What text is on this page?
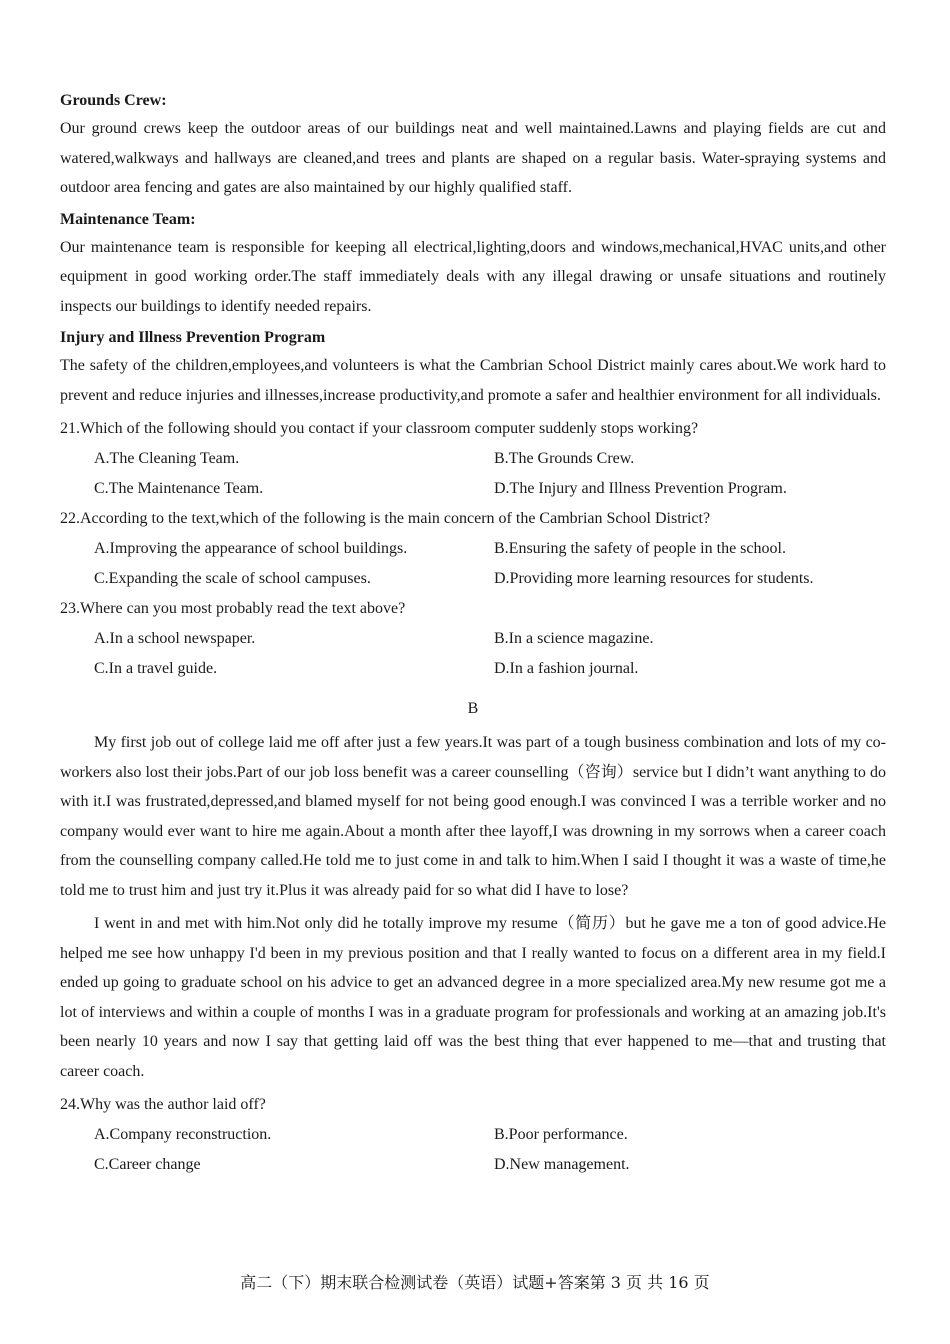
Grounds Crew:

Our ground crews keep the outdoor areas of our buildings neat and well maintained.Lawns and playing fields are cut and watered,walkways and hallways are cleaned,and trees and plants are shaped on a regular basis. Water-spraying systems and outdoor area fencing and gates are also maintained by our highly qualified staff.

Maintenance Team:

Our maintenance team is responsible for keeping all electrical,lighting,doors and windows,mechanical,HVAC units,and other equipment in good working order.The staff immediately deals with any illegal drawing or unsafe situations and routinely inspects our buildings to identify needed repairs.

Injury and Illness Prevention Program

The safety of the children,employees,and volunteers is what the Cambrian School District mainly cares about.We work hard to prevent and reduce injuries and illnesses,increase productivity,and promote a safer and healthier environment for all individuals.

21.Which of the following should you contact if your classroom computer suddenly stops working?

A.The Cleaning Team.	B.The Grounds Crew.
C.The Maintenance Team.	D.The Injury and Illness Prevention Program.

22.According to the text,which of the following is the main concern of the Cambrian School District?

A.Improving the appearance of school buildings.	B.Ensuring the safety of people in the school.
C.Expanding the scale of school campuses.	D.Providing more learning resources for students.

23.Where can you most probably read the text above?

A.In a school newspaper.	B.In a science magazine.
C.In a travel guide.	D.In a fashion journal.

B

My first job out of college laid me off after just a few years.It was part of a tough business combination and lots of my co-workers also lost their jobs.Part of our job loss benefit was a career counselling（咨询）service but I didn’t want anything to do with it.I was frustrated,depressed,and blamed myself for not being good enough.I was convinced I was a terrible worker and no company would ever want to hire me again.About a month after thee layoff,I was drowning in my sorrows when a career coach from the counselling company called.He told me to just come in and talk to him.When I said I thought it was a waste of time,he told me to trust him and just try it.Plus it was already paid for so what did I have to lose?

I went in and met with him.Not only did he totally improve my resume（简历）but he gave me a ton of good advice.He helped me see how unhappy I'd been in my previous position and that I really wanted to focus on a different area in my field.I ended up going to graduate school on his advice to get an advanced degree in a more specialized area.My new resume got me a lot of interviews and within a couple of months I was in a graduate program for professionals and working at an amazing job.It's been nearly 10 years and now I say that getting laid off was the best thing that ever happened to me—that and trusting that career coach.

24.Why was the author laid off?

A.Company reconstruction.	B.Poor performance.
C.Career change	D.New management.
高二（下）期末联合检测试卷（英语）试题+答案第 3 页 共 16 页
